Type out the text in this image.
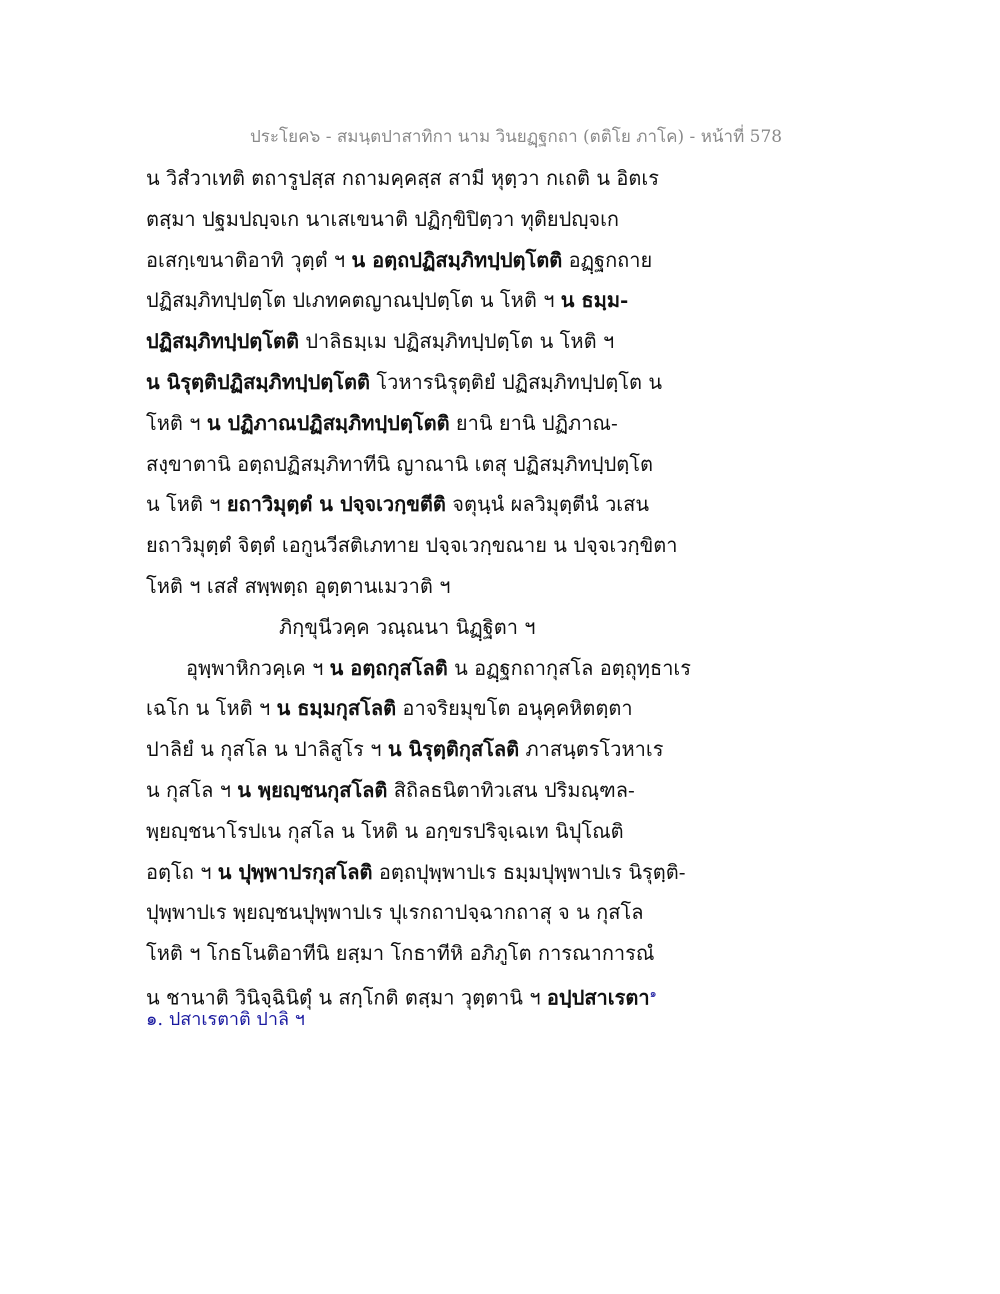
ประโยค๖ - สมนฺตปาสาทิกา นาม วินยฏฺฐกถา (ตติโย ภาโค) - หน้าที่ 578
น วิสํวาเทติ ตถารูปสฺส กถามคฺคสฺส สามี หุตฺวา กเถติ น อิตเร
ตสฺมา ปฐมปญฺจเก นาเสเขนาติ ปฏิกฺขิปิตฺวา ทุติยปญฺจเก
อเสกฺเขนาติอาทิ วุตฺตํ ฯ น อตฺถปฏิสมฺภิทปฺปตฺโตติ อฏฺฐกถาย
ปฏิสมฺภิทปฺปตฺโต ปเภทคตญาณปฺปตฺโต น โหติ ฯ น ธมฺม-
ปฏิสมฺภิทปฺปตฺโตติ ปาลิธมฺเม ปฏิสมฺภิทปฺปตฺโต น โหติ ฯ
น นิรุตฺติปฏิสมฺภิทปฺปตฺโตติ โวหารนิรุตฺติยํ ปฏิสมฺภิทปฺปตฺโต น
โหติ ฯ น ปฏิภาณปฏิสมฺภิทปฺปตฺโตติ ยานิ ยานิ ปฏิภาณ-
สงฺขาตานิ อตฺถปฏิสมฺภิทาทีนิ ญาณานิ เตสุ ปฏิสมฺภิทปฺปตฺโต
น โหติ ฯ ยถาวิมุตฺตํ น ปจฺจเวกฺขตีติ จตุนฺนํ ผลวิมุตฺตีนํ วเสน
ยถาวิมุตฺตํ จิตฺตํ เอกูนวีสติเภทาย ปจฺจเวกฺขณาย น ปจฺจเวกฺขิตา
โหติ ฯ เสสํ สพฺพตฺถ อุตฺตานเมวาติ ฯ
ภิกฺขุนีวคฺค วณฺณนา นิฏฺฐิตา ฯ
อุพฺพาหิกวคฺเค ฯ น อตฺถกุสโลติ น อฏฺฐกถากุสโล อตฺถุทฺธาเร
เฉโก น โหติ ฯ น ธมฺมกุสโลติ อาจริยมุขโต อนุคฺคหิตตฺตา
ปาลิยํ น กุสโล น ปาลิสูโร ฯ น นิรุตฺติกุสโลติ ภาสนฺตรโวหาเร
น กุสโล ฯ น พฺยญฺชนกุสโลติ สิถิลธนิตาทิวเสน ปริมณฺฑล-
พฺยญฺชนาโรปเน กุสโล น โหติ น อกฺขรปริจฺเฉเท นิปุโณติ
อตฺโถ ฯ น ปุพฺพาปรกุสโลติ อตฺถปุพฺพาปเร ธมฺมปุพฺพาปเร นิรุตฺติ-
ปุพฺพาปเร พฺยญฺชนปุพฺพาปเร ปุเรกถาปจฺฉากถาสุ จ น กุสโล
โหติ ฯ โกธโนติอาทีนิ ยสฺมา โกธาทีหิ อภิภูโต การณาการณํ
น ชานาติ วินิจฺฉินิตุํ น สกฺโกติ ตสฺมา วุตฺตานิ ฯ อปฺปสาเรตา$^๑$
๑. ปสาเรตาติ ปาลิ ฯ
